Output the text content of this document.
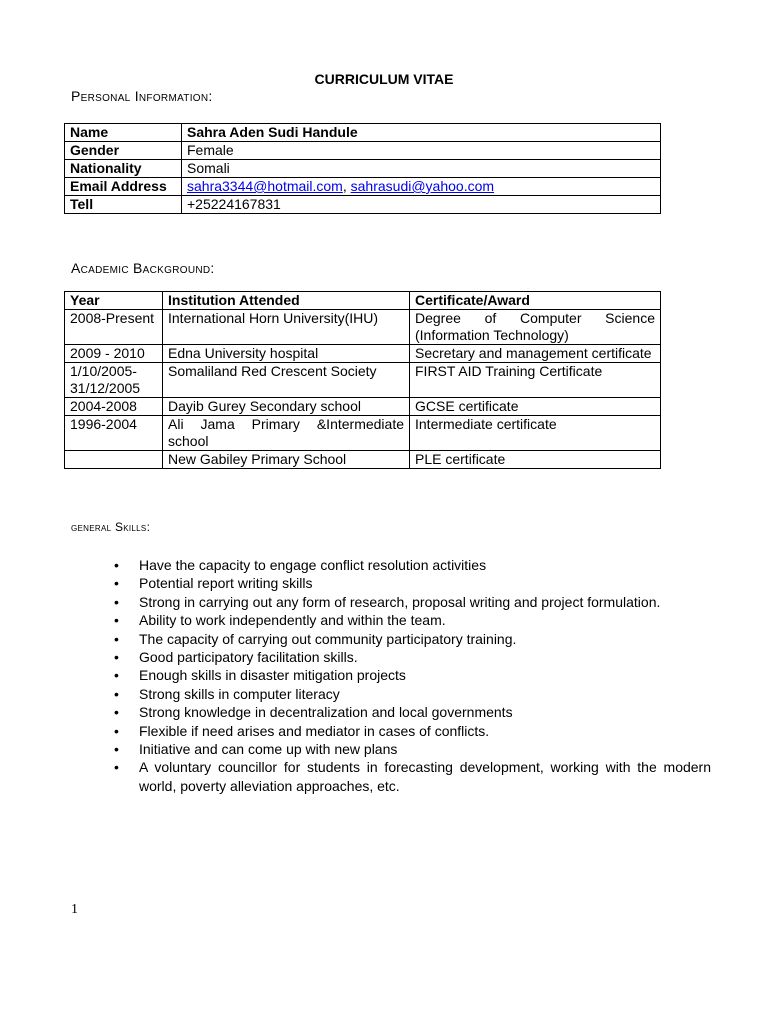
CURRICULUM VITAE
Personal Information:
Name	Sahra Aden Sudi Handule
Gender	Female
Nationality	Somali
Email Address	sahra3344@hotmail.com, sahrasudi@yahoo.com
Tell	+25224167831
Academic Background:
Year	Institution Attended	Certificate/Award
2008-Present	International Horn University(IHU)	Degree of Computer Science (Information Technology)
2009 - 2010	Edna University hospital	Secretary and management certificate
1/10/2005-31/12/2005	Somaliland Red Crescent Society	FIRST AID Training Certificate
2004-2008	Dayib Gurey Secondary school	GCSE certificate
1996-2004	Ali Jama Primary &Intermediate school	Intermediate certificate
	New Gabiley Primary School	PLE certificate
general Skills:
• Have the capacity to engage conflict resolution activities
• Potential report writing skills
• Strong in carrying out any form of research, proposal writing and project formulation.
• Ability to work independently and within the team.
• The capacity of carrying out community participatory training.
• Good participatory facilitation skills.
• Enough skills in disaster mitigation projects
• Strong skills in computer literacy
• Strong knowledge in decentralization and local governments
• Flexible if need arises and mediator in cases of conflicts.
• Initiative and can come up with new plans
• A voluntary councillor for students in forecasting development, working with the modern world, poverty alleviation approaches, etc.
1
